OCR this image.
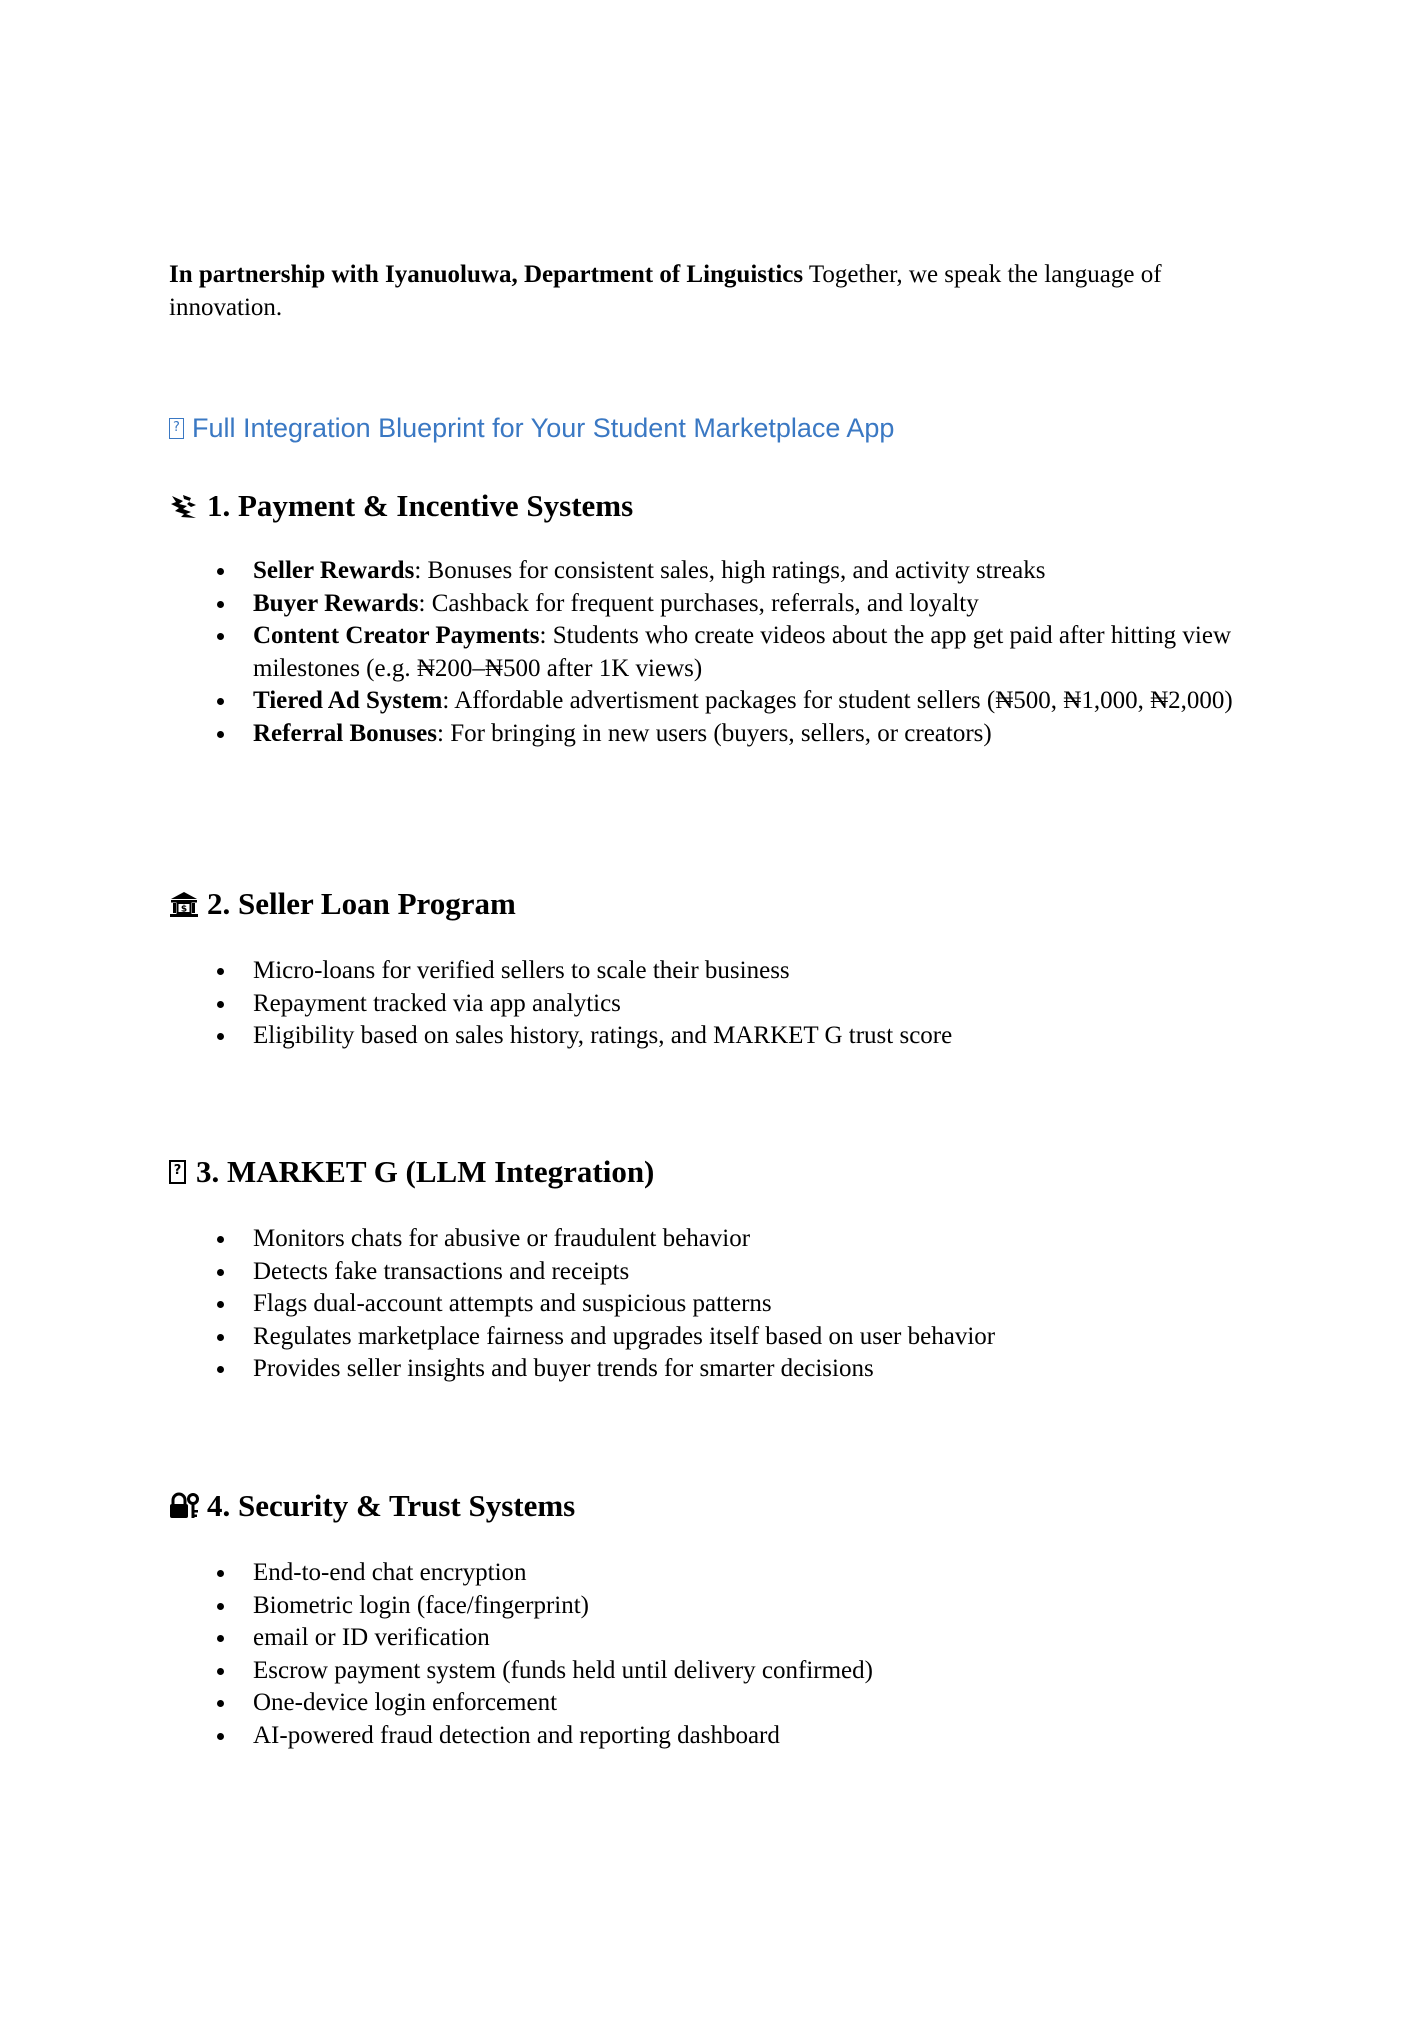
In partnership with Iyanuoluwa, Department of Linguistics Together, we speak the language of innovation.

? Full Integration Blueprint for Your Student Marketplace App
1. Payment & Incentive Systems
Seller Rewards: Bonuses for consistent sales, high ratings, and activity streaks
Buyer Rewards: Cashback for frequent purchases, referrals, and loyalty
Content Creator Payments: Students who create videos about the app get paid after hitting view milestones (e.g. ₦200–₦500 after 1K views)
Tiered Ad System: Affordable advertisment packages for student sellers (₦500, ₦1,000, ₦2,000)
Referral Bonuses: For bringing in new users (buyers, sellers, or creators)
$ 2. Seller Loan Program
Micro-loans for verified sellers to scale their business
Repayment tracked via app analytics
Eligibility based on sales history, ratings, and MARKET G trust score
? 3. MARKET G (LLM Integration)
Monitors chats for abusive or fraudulent behavior
Detects fake transactions and receipts
Flags dual-account attempts and suspicious patterns
Regulates marketplace fairness and upgrades itself based on user behavior
Provides seller insights and buyer trends for smarter decisions
4. Security & Trust Systems
End-to-end chat encryption
Biometric login (face/fingerprint)
email or ID verification
Escrow payment system (funds held until delivery confirmed)
One-device login enforcement
AI-powered fraud detection and reporting dashboard
